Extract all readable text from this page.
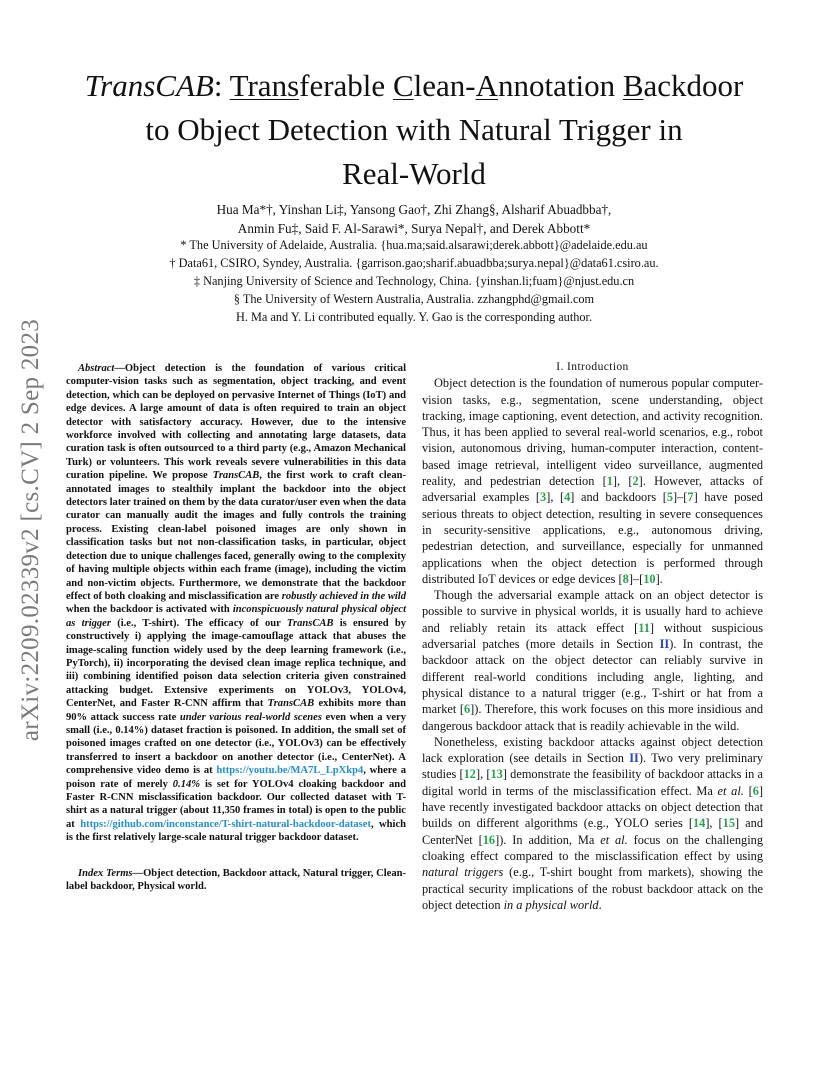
arXiv:2209.02339v2 [cs.CV] 2 Sep 2023
TransCAB: Transferable Clean-Annotation Backdoor
to Object Detection with Natural Trigger in
Real-World
Hua Ma*†, Yinshan Li‡, Yansong Gao†, Zhi Zhang§, Alsharif Abuadbba†,
Anmin Fu‡, Said F. Al-Sarawi*, Surya Nepal†, and Derek Abbott*
* The University of Adelaide, Australia. {hua.ma;said.alsarawi;derek.abbott}@adelaide.edu.au
† Data61, CSIRO, Syndey, Australia. {garrison.gao;sharif.abuadbba;surya.nepal}@data61.csiro.au.
‡ Nanjing University of Science and Technology, China. {yinshan.li;fuam}@njust.edu.cn
§ The University of Western Australia, Australia. zzhangphd@gmail.com
H. Ma and Y. Li contributed equally. Y. Gao is the corresponding author.

Abstract—Object detection is the foundation of various critical computer-vision tasks such as segmentation, object tracking, and event detection, which can be deployed on pervasive Internet of Things (IoT) and edge devices. A large amount of data is often required to train an object detector with satisfactory accuracy. However, due to the intensive workforce involved with collecting and annotating large datasets, data curation task is often outsourced to a third party (e.g., Amazon Mechanical Turk) or volunteers. This work reveals severe vulnerabilities in this data curation pipeline. We propose TransCAB, the first work to craft clean-annotated images to stealthily implant the backdoor into the object detectors later trained on them by the data curator/user even when the data curator can manually audit the images and fully controls the training process. Existing clean-label poisoned images are only shown in classification tasks but not non-classification tasks, in particular, object detection due to unique challenges faced, generally owing to the complexity of having multiple objects within each frame (image), including the victim and non-victim objects. Furthermore, we demonstrate that the backdoor effect of both cloaking and misclassification are robustly achieved in the wild when the backdoor is activated with inconspicuously natural physical object as trigger (i.e., T-shirt). The efficacy of our TransCAB is ensured by constructively i) applying the image-camouflage attack that abuses the image-scaling function widely used by the deep learning framework (i.e., PyTorch), ii) incorporating the devised clean image replica technique, and iii) combining identified poison data selection criteria given constrained attacking budget. Extensive experiments on YOLOv3, YOLOv4, CenterNet, and Faster R-CNN affirm that TransCAB exhibits more than 90% attack success rate under various real-world scenes even when a very small (i.e., 0.14%) dataset fraction is poisoned. In addition, the small set of poisoned images crafted on one detector (i.e., YOLOv3) can be effectively transferred to insert a backdoor on another detector (i.e., CenterNet). A comprehensive video demo is at https://youtu.be/MA7L_LpXkp4, where a poison rate of merely 0.14% is set for YOLOv4 cloaking backdoor and Faster R-CNN misclassification backdoor. Our collected dataset with T-shirt as a natural trigger (about 11,350 frames in total) is open to the public at https://github.com/inconstance/T-shirt-natural-backdoor-dataset, which is the first relatively large-scale natural trigger backdoor dataset.

Index Terms—Object detection, Backdoor attack, Natural trigger, Clean-label backdoor, Physical world.

I. Introduction

Object detection is the foundation of numerous popular computer-vision tasks, e.g., segmentation, scene understanding, object tracking, image captioning, event detection, and activity recognition. Thus, it has been applied to several real-world scenarios, e.g., robot vision, autonomous driving, human-computer interaction, content-based image retrieval, intelligent video surveillance, augmented reality, and pedestrian detection [1], [2]. However, attacks of adversarial examples [3], [4] and backdoors [5]–[7] have posed serious threats to object detection, resulting in severe consequences in security-sensitive applications, e.g., autonomous driving, pedestrian detection, and surveillance, especially for unmanned applications when the object detection is performed through distributed IoT devices or edge devices [8]–[10].

Though the adversarial example attack on an object detector is possible to survive in physical worlds, it is usually hard to achieve and reliably retain its attack effect [11] without suspicious adversarial patches (more details in Section II). In contrast, the backdoor attack on the object detector can reliably survive in different real-world conditions including angle, lighting, and physical distance to a natural trigger (e.g., T-shirt or hat from a market [6]). Therefore, this work focuses on this more insidious and dangerous backdoor attack that is readily achievable in the wild.

Nonetheless, existing backdoor attacks against object detection lack exploration (see details in Section II). Two very preliminary studies [12], [13] demonstrate the feasibility of backdoor attacks in a digital world in terms of the misclassification effect. Ma et al. [6] have recently investigated backdoor attacks on object detection that builds on different algorithms (e.g., YOLO series [14], [15] and CenterNet [16]). In addition, Ma et al. focus on the challenging cloaking effect compared to the misclassification effect by using natural triggers (e.g., T-shirt bought from markets), showing the practical security implications of the robust backdoor attack on the object detection in a physical world.
